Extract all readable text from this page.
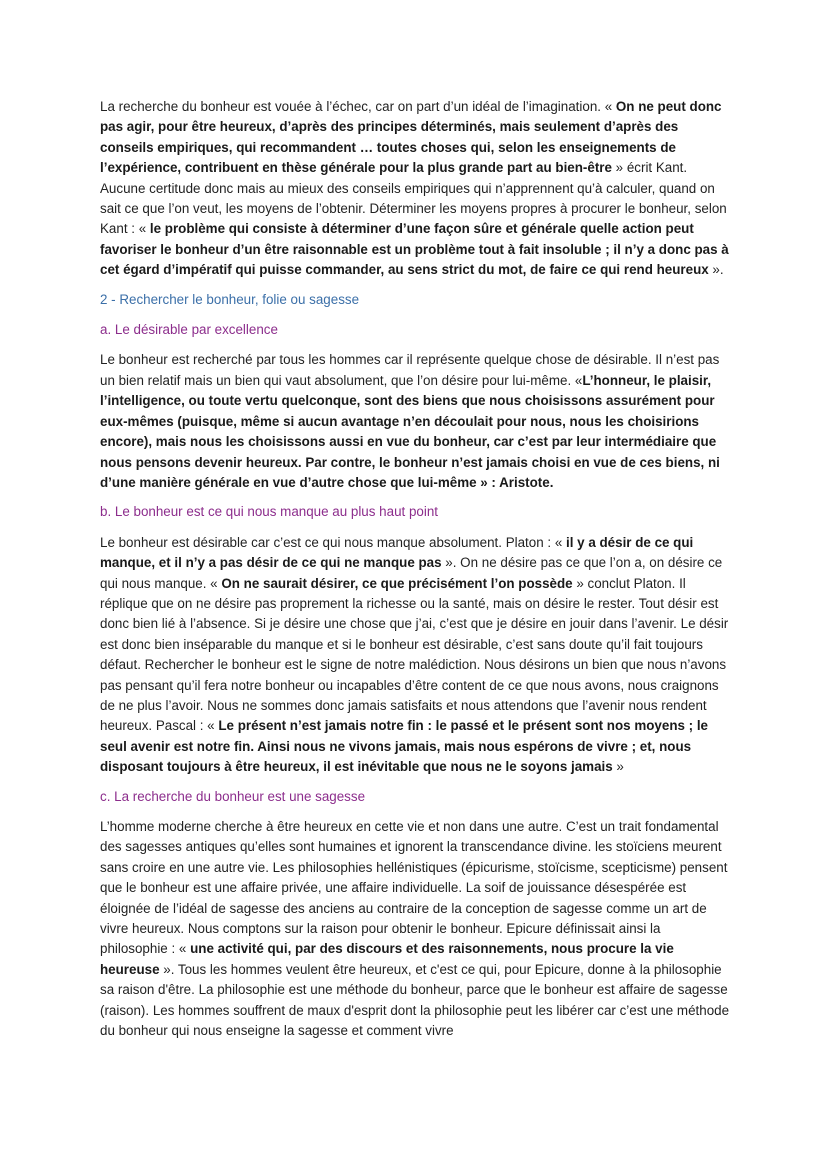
La recherche du bonheur est vouée à l’échec, car on part d’un idéal de l’imagination. « On ne peut donc pas agir, pour être heureux, d’après des principes déterminés, mais seulement d’après des conseils empiriques, qui recommandent … toutes choses qui, selon les enseignements de l’expérience, contribuent en thèse générale pour la plus grande part au bien-être » écrit Kant. Aucune certitude donc mais au mieux des conseils empiriques qui n’apprennent qu’à calculer, quand on sait ce que l’on veut, les moyens de l’obtenir. Déterminer les moyens propres à procurer le bonheur, selon Kant : « le problème qui consiste à déterminer d’une façon sûre et générale quelle action peut favoriser le bonheur d’un être raisonnable est un problème tout à fait insoluble ; il n’y a donc pas à cet égard d’impératif qui puisse commander, au sens strict du mot, de faire ce qui rend heureux ».

2 - Rechercher le bonheur, folie ou sagesse

a. Le désirable par excellence

Le bonheur est recherché par tous les hommes car il représente quelque chose de désirable. Il n’est pas un bien relatif mais un bien qui vaut absolument, que l’on désire pour lui-même. «L’honneur, le plaisir, l’intelligence, ou toute vertu quelconque, sont des biens que nous choisissons assurément pour eux-mêmes (puisque, même si aucun avantage n’en découlait pour nous, nous les choisirions encore), mais nous les choisissons aussi en vue du bonheur, car c’est par leur intermédiaire que nous pensons devenir heureux. Par contre, le bonheur n’est jamais choisi en vue de ces biens, ni d’une manière générale en vue d’autre chose que lui-même » : Aristote.

b. Le bonheur est ce qui nous manque au plus haut point

Le bonheur est désirable car c’est ce qui nous manque absolument. Platon : « il y a désir de ce qui manque, et il n’y a pas désir de ce qui ne manque pas ». On ne désire pas ce que l’on a, on désire ce qui nous manque. « On ne saurait désirer, ce que précisément l’on possède » conclut Platon. Il réplique que on ne désire pas proprement la richesse ou la santé, mais on désire le rester. Tout désir est donc bien lié à l’absence. Si je désire une chose que j’ai, c’est que je désire en jouir dans l’avenir. Le désir est donc bien inséparable du manque et si le bonheur est désirable, c’est sans doute qu’il fait toujours défaut. Rechercher le bonheur est le signe de notre malédiction. Nous désirons un bien que nous n’avons pas pensant qu’il fera notre bonheur ou incapables d’être content de ce que nous avons, nous craignons de ne plus l’avoir. Nous ne sommes donc jamais satisfaits et nous attendons que l’avenir nous rendent heureux. Pascal : « Le présent n’est jamais notre fin : le passé et le présent sont nos moyens ; le seul avenir est notre fin. Ainsi nous ne vivons jamais, mais nous espérons de vivre ; et, nous disposant toujours à être heureux, il est inévitable que nous ne le soyons jamais »

c. La recherche du bonheur est une sagesse

L’homme moderne cherche à être heureux en cette vie et non dans une autre. C’est un trait fondamental des sagesses antiques qu’elles sont humaines et ignorent la transcendance divine. les stoïciens meurent sans croire en une autre vie. Les philosophies hellénistiques (épicurisme, stoïcisme, scepticisme) pensent que le bonheur est une affaire privée, une affaire individuelle. La soif de jouissance désespérée est éloignée de l’idéal de sagesse des anciens au contraire de la conception de sagesse comme un art de vivre heureux. Nous comptons sur la raison pour obtenir le bonheur. Epicure définissait ainsi la philosophie : « une activité qui, par des discours et des raisonnements, nous procure la vie heureuse ». Tous les hommes veulent être heureux, et c'est ce qui, pour Epicure, donne à la philosophie sa raison d'être. La philosophie est une méthode du bonheur, parce que le bonheur est affaire de sagesse (raison). Les hommes souffrent de maux d'esprit dont la philosophie peut les libérer car c’est une méthode du bonheur qui nous enseigne la sagesse et comment vivre
